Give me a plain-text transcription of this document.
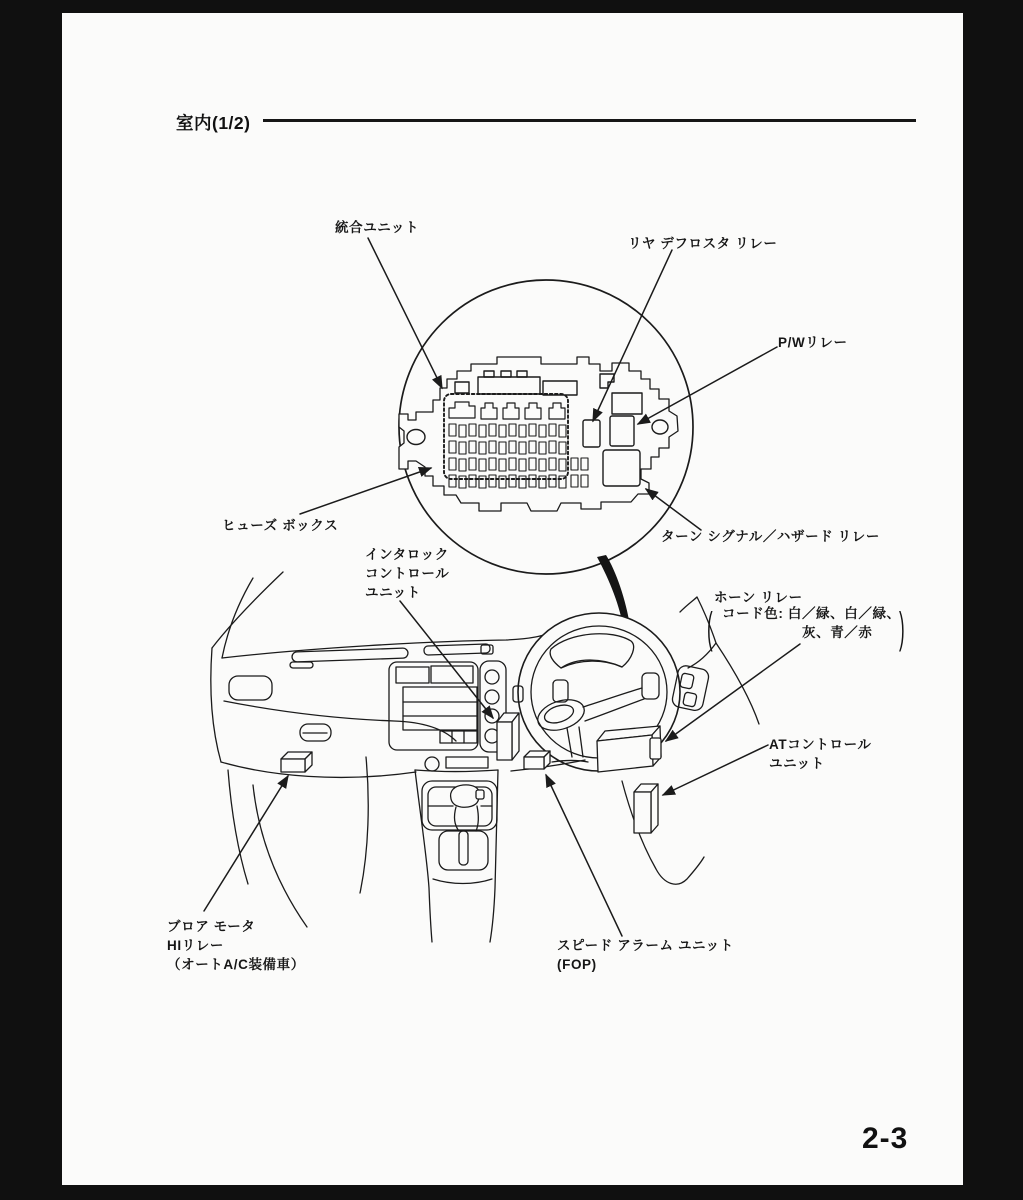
室内(1/2)
統合ユニット
リヤ デフロスタ リレー
P/Wリレー
ヒューズ ボックス
ターン シグナル／ハザード リレー
インタロック
コントロール
ユニット	ホーン リレー
コード色: 白／緑、白／緑、
灰、青／赤
(	)
ATコントロール
ユニット
ブロア モータ
HIリレー
（オートA/C装備車）
スピード アラーム ユニット
(FOP)
2-3
